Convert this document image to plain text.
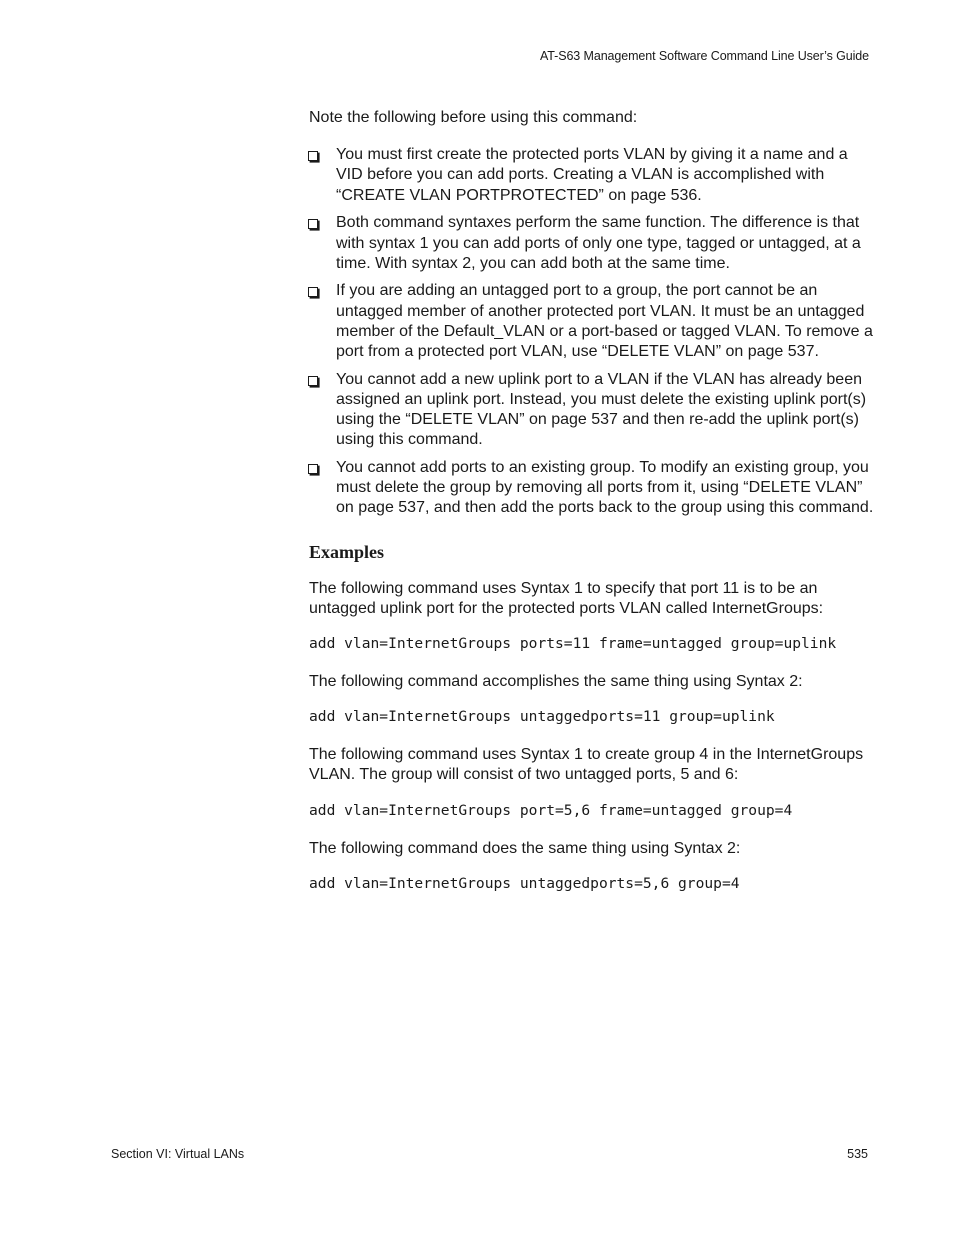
AT-S63 Management Software Command Line User’s Guide

Note the following before using this command:

You must first create the protected ports VLAN by giving it a name and a VID before you can add ports. Creating a VLAN is accomplished with “CREATE VLAN PORTPROTECTED” on page 536.
Both command syntaxes perform the same function. The difference is that with syntax 1 you can add ports of only one type, tagged or untagged, at a time. With syntax 2, you can add both at the same time.
If you are adding an untagged port to a group, the port cannot be an untagged member of another protected port VLAN. It must be an untagged member of the Default_VLAN or a port-based or tagged VLAN. To remove a port from a protected port VLAN, use “DELETE VLAN” on page 537.
You cannot add a new uplink port to a VLAN if the VLAN has already been assigned an uplink port. Instead, you must delete the existing uplink port(s) using the “DELETE VLAN” on page 537 and then re-add the uplink port(s) using this command.
You cannot add ports to an existing group. To modify an existing group, you must delete the group by removing all ports from it, using “DELETE VLAN” on page 537, and then add the ports back to the group using this command.
Examples

The following command uses Syntax 1 to specify that port 11 is to be an untagged uplink port for the protected ports VLAN called InternetGroups:

add vlan=InternetGroups ports=11 frame=untagged group=uplink

The following command accomplishes the same thing using Syntax 2:

add vlan=InternetGroups untaggedports=11 group=uplink

The following command uses Syntax 1 to create group 4 in the InternetGroups VLAN. The group will consist of two untagged ports, 5 and 6:

add vlan=InternetGroups port=5,6 frame=untagged group=4

The following command does the same thing using Syntax 2:

add vlan=InternetGroups untaggedports=5,6 group=4
Section VI: Virtual LANs	535
